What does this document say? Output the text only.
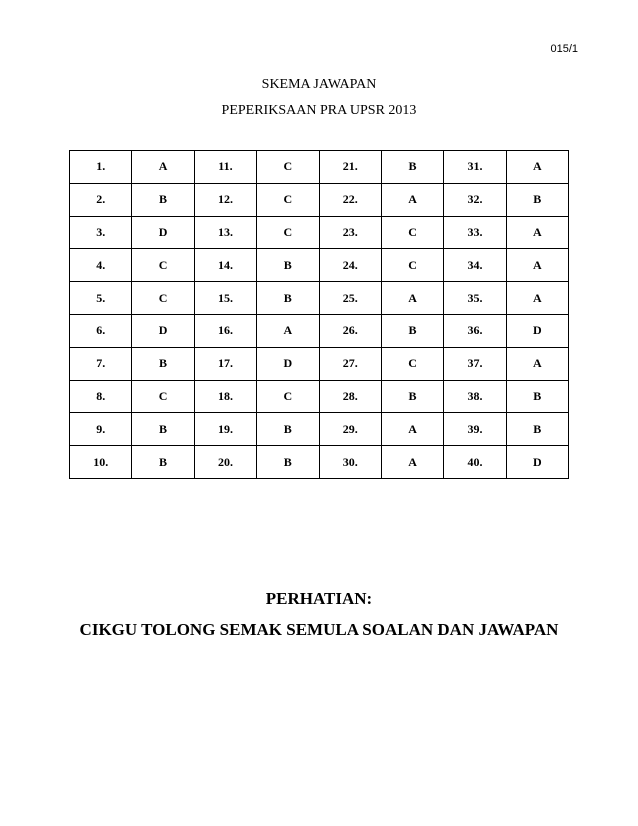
015/1
SKEMA JAWAPAN
PEPERIKSAAN PRA UPSR 2013
1.	A	11.	C	21.	B	31.	A
2.	B	12.	C	22.	A	32.	B
3.	D	13.	C	23.	C	33.	A
4.	C	14.	B	24.	C	34.	A
5.	C	15.	B	25.	A	35.	A
6.	D	16.	A	26.	B	36.	D
7.	B	17.	D	27.	C	37.	A
8.	C	18.	C	28.	B	38.	B
9.	B	19.	B	29.	A	39.	B
10.	B	20.	B	30.	A	40.	D
PERHATIAN:
CIKGU TOLONG SEMAK SEMULA SOALAN DAN JAWAPAN
